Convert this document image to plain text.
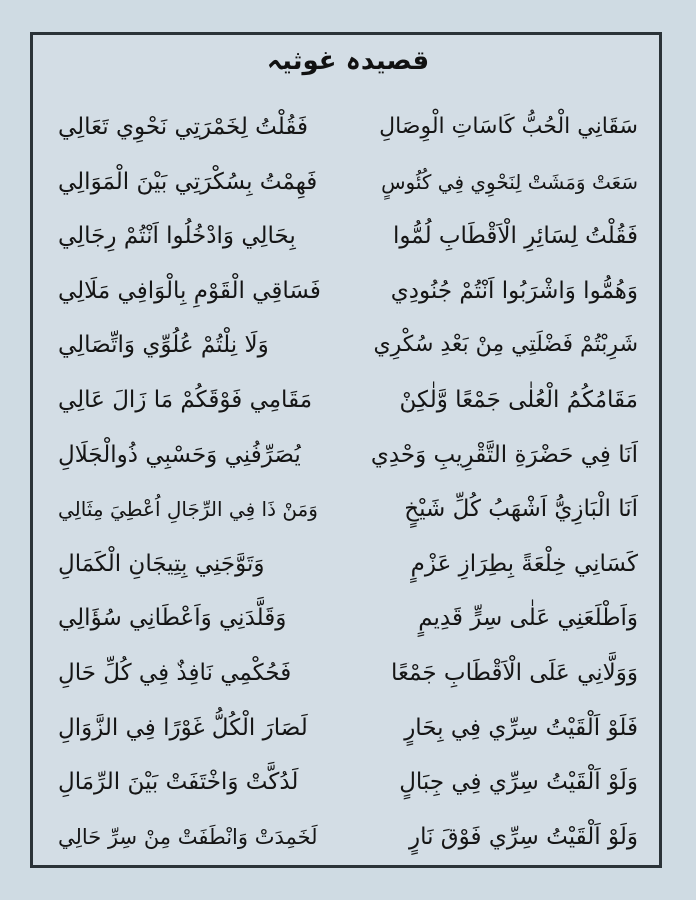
قصیدہ غوثیہ
سَقَانِي الْحُبُّ كَاسَاتِ الْوِصَالِ
فَقُلْتُ لِخَمْرَتِي نَحْوِي تَعَالِي
سَعَتْ وَمَشَتْ لِنَحْوِي فِي كُئُوسٍ
فَهِمْتُ بِسُكْرَتِي بَيْنَ الْمَوَالِي
فَقُلْتُ لِسَائِرِ الْاَقْطَابِ لُمُّوا
بِحَالِي وَادْخُلُوا اَنْتُمْ رِجَالِي
وَهُمُّوا وَاشْرَبُوا اَنْتُمْ جُنُودِي
فَسَاقِي الْقَوْمِ بِالْوَافِي مَلَالِي
شَرِبْتُمْ فَضْلَتِي مِنْ بَعْدِ سُكْرِي
وَلَا نِلْتُمْ عُلُوِّي وَاتِّصَالِي
مَقَامُكُمُ الْعُلٰى جَمْعًا وَّلٰكِنْ
مَقَامِي فَوْقَكُمْ مَا زَالَ عَالِي
اَنَا فِي حَضْرَةِ التَّقْرِيبِ وَحْدِي
يُصَرِّفُنِي وَحَسْبِي ذُوالْجَلَالِ
اَنَا الْبَازِيُّ اَشْهَبُ كُلِّ شَيْخٍ
وَمَنْ ذَا فِي الرِّجَالِ اُعْطِيَ مِثَالِي
كَسَانِي خِلْعَةً بِطِرَازِ عَزْمٍ
وَتَوَّجَنِي بِتِيجَانِ الْكَمَالِ
وَاَطْلَعَنِي عَلٰى سِرٍّ قَدِيمٍ
وَقَلَّدَنِي وَاَعْطَانِي سُؤَالِي
وَوَلَّانِي عَلَى الْاَقْطَابِ جَمْعًا
فَحُكْمِي نَافِذٌ فِي كُلِّ حَالِ
فَلَوْ اَلْقَيْتُ سِرِّي فِي بِحَارٍ
لَصَارَ الْكُلُّ غَوْرًا فِي الزَّوَالِ
وَلَوْ اَلْقَيْتُ سِرِّي فِي جِبَالٍ
لَدُكَّتْ وَاخْتَفَتْ بَيْنَ الرِّمَالِ
وَلَوْ اَلْقَيْتُ سِرِّي فَوْقَ نَارٍ
لَخَمِدَتْ وَانْطَفَتْ مِنْ سِرِّ حَالِي
